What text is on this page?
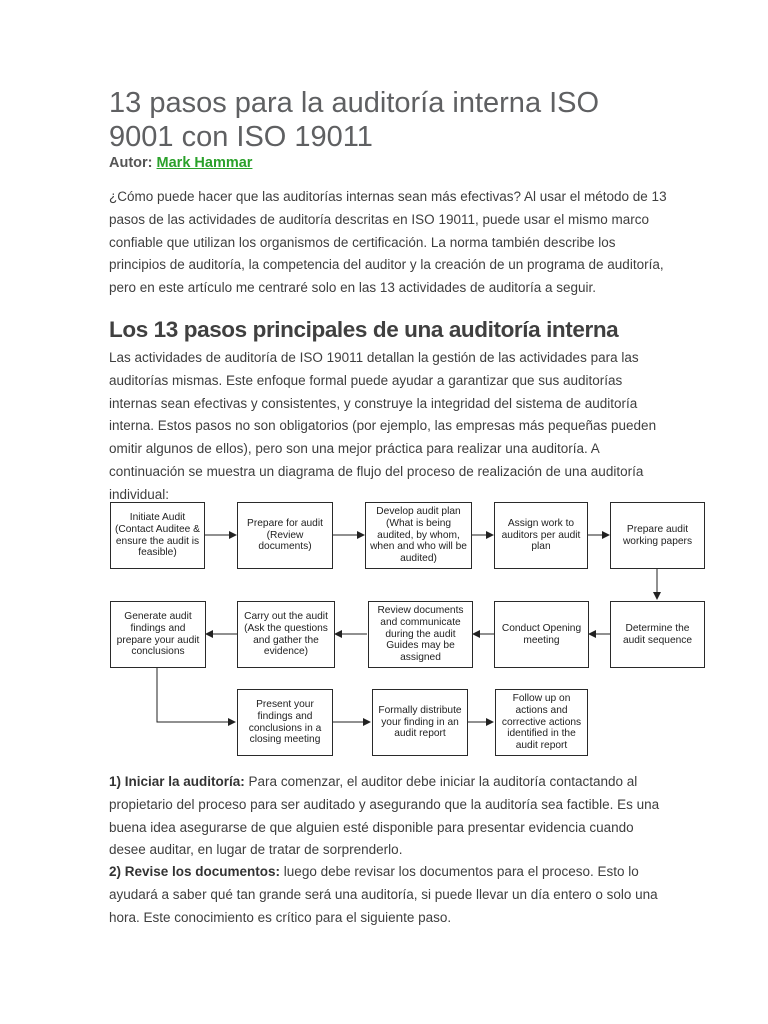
13 pasos para la auditoría interna ISO 9001 con ISO 19011
Autor: Mark Hammar

¿Cómo puede hacer que las auditorías internas sean más efectivas? Al usar el método de 13 pasos de las actividades de auditoría descritas en ISO 19011, puede usar el mismo marco confiable que utilizan los organismos de certificación. La norma también describe los principios de auditoría, la competencia del auditor y la creación de un programa de auditoría, pero en este artículo me centraré solo en las 13 actividades de auditoría a seguir.

Los 13 pasos principales de una auditoría interna

Las actividades de auditoría de ISO 19011 detallan la gestión de las actividades para las auditorías mismas. Este enfoque formal puede ayudar a garantizar que sus auditorías internas sean efectivas y consistentes, y construye la integridad del sistema de auditoría interna. Estos pasos no son obligatorios (por ejemplo, las empresas más pequeñas pueden omitir algunos de ellos), pero son una mejor práctica para realizar una auditoría. A continuación se muestra un diagrama de flujo del proceso de realización de una auditoría individual:

Initiate Audit
(Contact Auditee &
ensure the audit is
feasible)
Prepare for audit
(Review
documents)
Develop audit plan
(What is being
audited, by whom,
when and who will be
audited)
Assign work to
auditors per audit
plan
Prepare audit
working papers
Determine the
audit sequence
Conduct Opening
meeting
Review documents
and communicate
during the audit
Guides may be
assigned
Carry out the audit
(Ask the questions
and gather the
evidence)
Generate audit
findings and
prepare your audit
conclusions
Present your
findings and
conclusions in a
closing meeting
Formally distribute
your finding in an
audit report
Follow up on
actions and
corrective actions
identified in the
audit report

1) Iniciar la auditoría: Para comenzar, el auditor debe iniciar la auditoría contactando al propietario del proceso para ser auditado y asegurando que la auditoría sea factible. Es una buena idea asegurarse de que alguien esté disponible para presentar evidencia cuando desee auditar, en lugar de tratar de sorprenderlo.

2) Revise los documentos: luego debe revisar los documentos para el proceso. Esto lo ayudará a saber qué tan grande será una auditoría, si puede llevar un día entero o solo una hora. Este conocimiento es crítico para el siguiente paso.
